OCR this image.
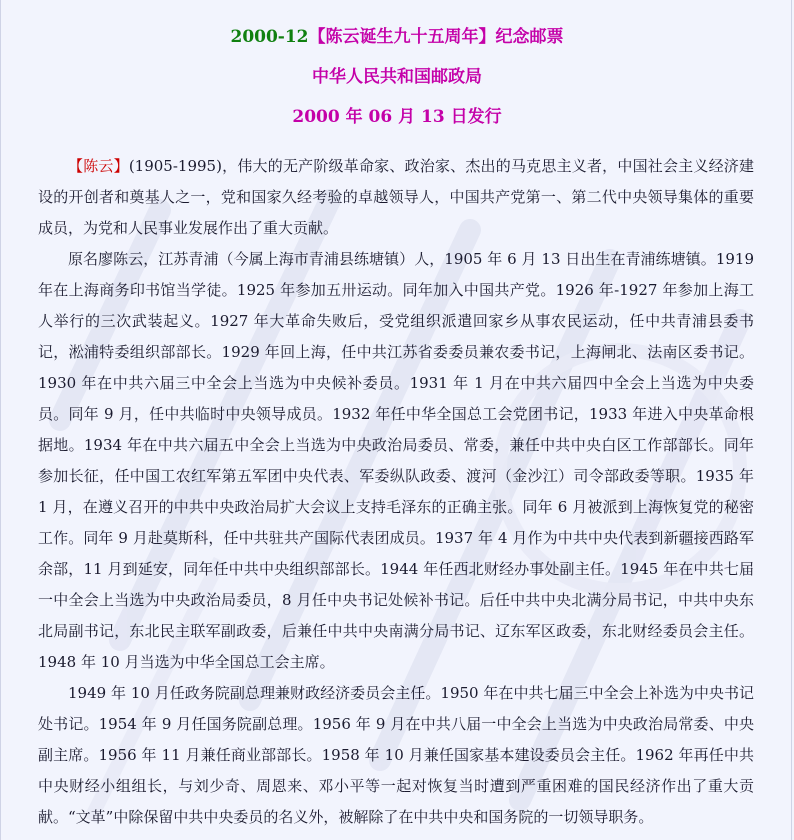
2000-12【陈云诞生九十五周年】纪念邮票

中华人民共和国邮政局

2000 年 06 月 13 日发行

【陈云】(1905-1995)，伟大的无产阶级革命家、政治家、杰出的马克思主义者，中国社会主义经济建设的开创者和奠基人之一，党和国家久经考验的卓越领导人，中国共产党第一、第二代中央领导集体的重要成员，为党和人民事业发展作出了重大贡献。

原名廖陈云，江苏青浦（今属上海市青浦县练塘镇）人，1905 年 6 月 13 日出生在青浦练塘镇。1919 年在上海商务印书馆当学徒。1925 年参加五卅运动。同年加入中国共产党。1926 年-1927 年参加上海工人举行的三次武装起义。1927 年大革命失败后，受党组织派遣回家乡从事农民运动，任中共青浦县委书记，淞浦特委组织部部长。1929 年回上海，任中共江苏省委委员兼农委书记，上海闸北、法南区委书记。1930 年在中共六届三中全会上当选为中央候补委员。1931 年 1 月在中共六届四中全会上当选为中央委员。同年 9 月，任中共临时中央领导成员。1932 年任中华全国总工会党团书记，1933 年进入中央革命根据地。1934 年在中共六届五中全会上当选为中央政治局委员、常委，兼任中共中央白区工作部部长。同年参加长征，任中国工农红军第五军团中央代表、军委纵队政委、渡河（金沙江）司令部政委等职。1935 年 1 月，在遵义召开的中共中央政治局扩大会议上支持毛泽东的正确主张。同年 6 月被派到上海恢复党的秘密工作。同年 9 月赴莫斯科，任中共驻共产国际代表团成员。1937 年 4 月作为中共中央代表到新疆接西路军余部，11 月到延安，同年任中共中央组织部部长。1944 年任西北财经办事处副主任。1945 年在中共七届一中全会上当选为中央政治局委员，8 月任中央书记处候补书记。后任中共中央北满分局书记，中共中央东北局副书记，东北民主联军副政委，后兼任中共中央南满分局书记、辽东军区政委，东北财经委员会主任。1948 年 10 月当选为中华全国总工会主席。

1949 年 10 月任政务院副总理兼财政经济委员会主任。1950 年在中共七届三中全会上补选为中央书记处书记。1954 年 9 月任国务院副总理。1956 年 9 月在中共八届一中全会上当选为中央政治局常委、中央副主席。1956 年 11 月兼任商业部部长。1958 年 10 月兼任国家基本建设委员会主任。1962 年再任中共中央财经小组组长，与刘少奇、周恩来、邓小平等一起对恢复当时遭到严重困难的国民经济作出了重大贡献。“文革”中除保留中共中央委员的名义外，被解除了在中共中央和国务院的一切领导职务。
